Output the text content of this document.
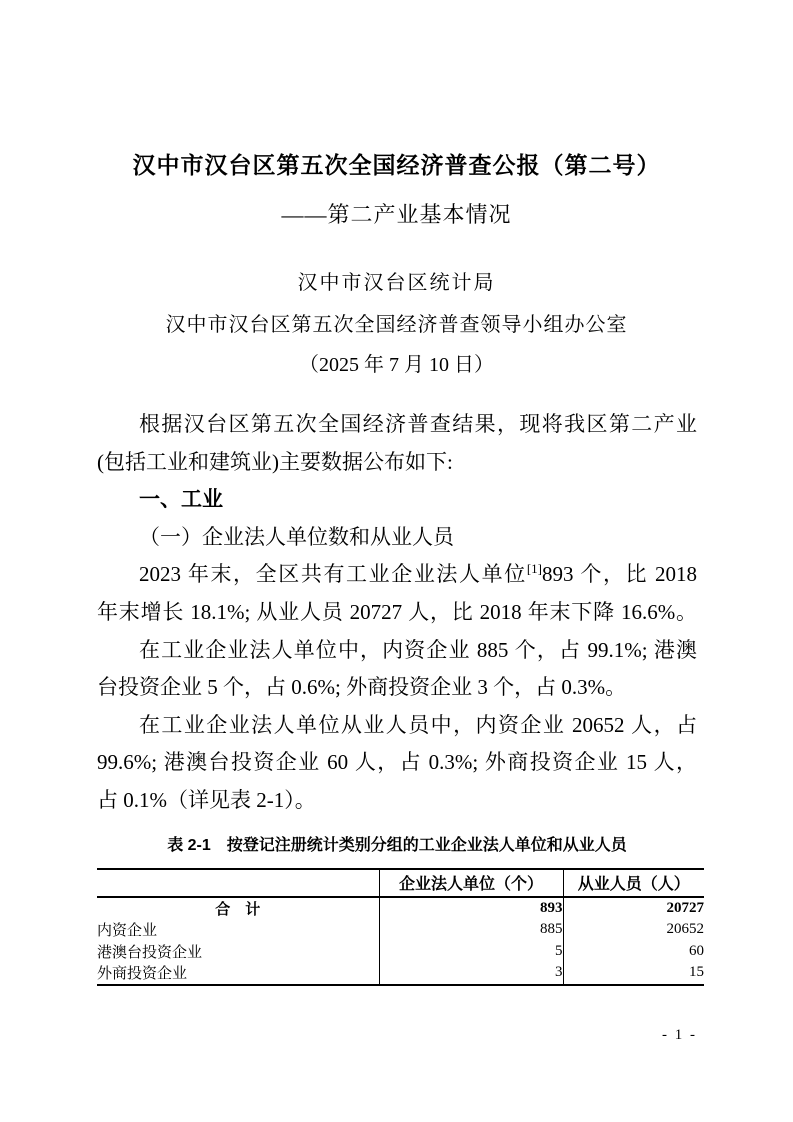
汉中市汉台区第五次全国经济普查公报（第二号）
——第二产业基本情况
汉中市汉台区统计局
汉中市汉台区第五次全国经济普查领导小组办公室
（2025 年 7 月 10 日）
根据汉台区第五次全国经济普查结果，现将我区第二产业
(包括工业和建筑业)主要数据公布如下:
一、工业
（一）企业法人单位数和从业人员
2023 年末，全区共有工业企业法人单位[1]893 个，比 2018
年末增长 18.1%; 从业人员 20727 人，比 2018 年末下降 16.6%。
在工业企业法人单位中，内资企业 885 个，占 99.1%; 港澳
台投资企业 5 个，占 0.6%; 外商投资企业 3 个，占 0.3%。
在工业企业法人单位从业人员中，内资企业 20652 人，占
99.6%; 港澳台投资企业 60 人，占 0.3%; 外商投资企业 15 人，
占 0.1%（详见表 2-1）。
表 2-1　按登记注册统计类别分组的工业企业法人单位和从业人员
	企业法人单位（个）	从业人员（人）
合　计	893	20727
内资企业	885	20652
港澳台投资企业	5	60
外商投资企业	3	15
- 1 -
